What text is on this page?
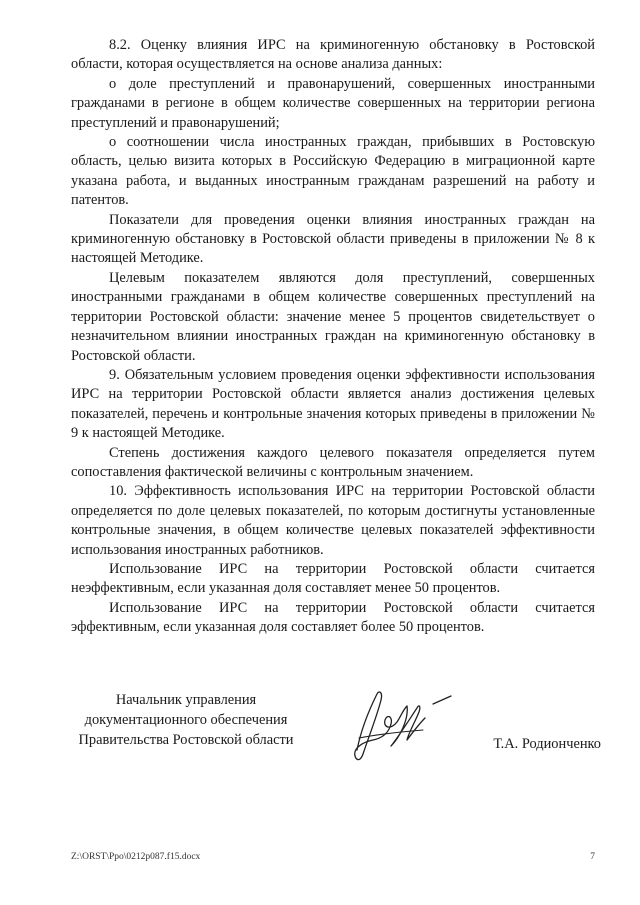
8.2. Оценку влияния ИРС на криминогенную обстановку в Ростовской области, которая осуществляется на основе анализа данных:

о доле преступлений и правонарушений, совершенных иностранными гражданами в регионе в общем количестве совершенных на территории региона преступлений и правонарушений;

о соотношении числа иностранных граждан, прибывших в Ростовскую область, целью визита которых в Российскую Федерацию в миграционной карте указана работа, и выданных иностранным гражданам разрешений на работу и патентов.

Показатели для проведения оценки влияния иностранных граждан на криминогенную обстановку в Ростовской области приведены в приложении № 8 к настоящей Методике.

Целевым показателем являются доля преступлений, совершенных иностранными гражданами в общем количестве совершенных преступлений на территории Ростовской области: значение менее 5 процентов свидетельствует о незначительном влиянии иностранных граждан на криминогенную обстановку в Ростовской области.

9. Обязательным условием проведения оценки эффективности использования ИРС на территории Ростовской области является анализ достижения целевых показателей, перечень и контрольные значения которых приведены в приложении № 9 к настоящей Методике.

Степень достижения каждого целевого показателя определяется путем сопоставления фактической величины с контрольным значением.

10. Эффективность использования ИРС на территории Ростовской области определяется по доле целевых показателей, по которым достигнуты установленные контрольные значения, в общем количестве целевых показателей эффективности использования иностранных работников.

Использование ИРС на территории Ростовской области считается неэффективным, если указанная доля составляет менее 50 процентов.

Использование ИРС на территории Ростовской области считается эффективным, если указанная доля составляет более 50 процентов.

Начальник управления
документационного обеспечения
Правительства Ростовской области	Т.А. Родионченко
Z:\ORST\Ppo\0212p087.f15.docx	7
